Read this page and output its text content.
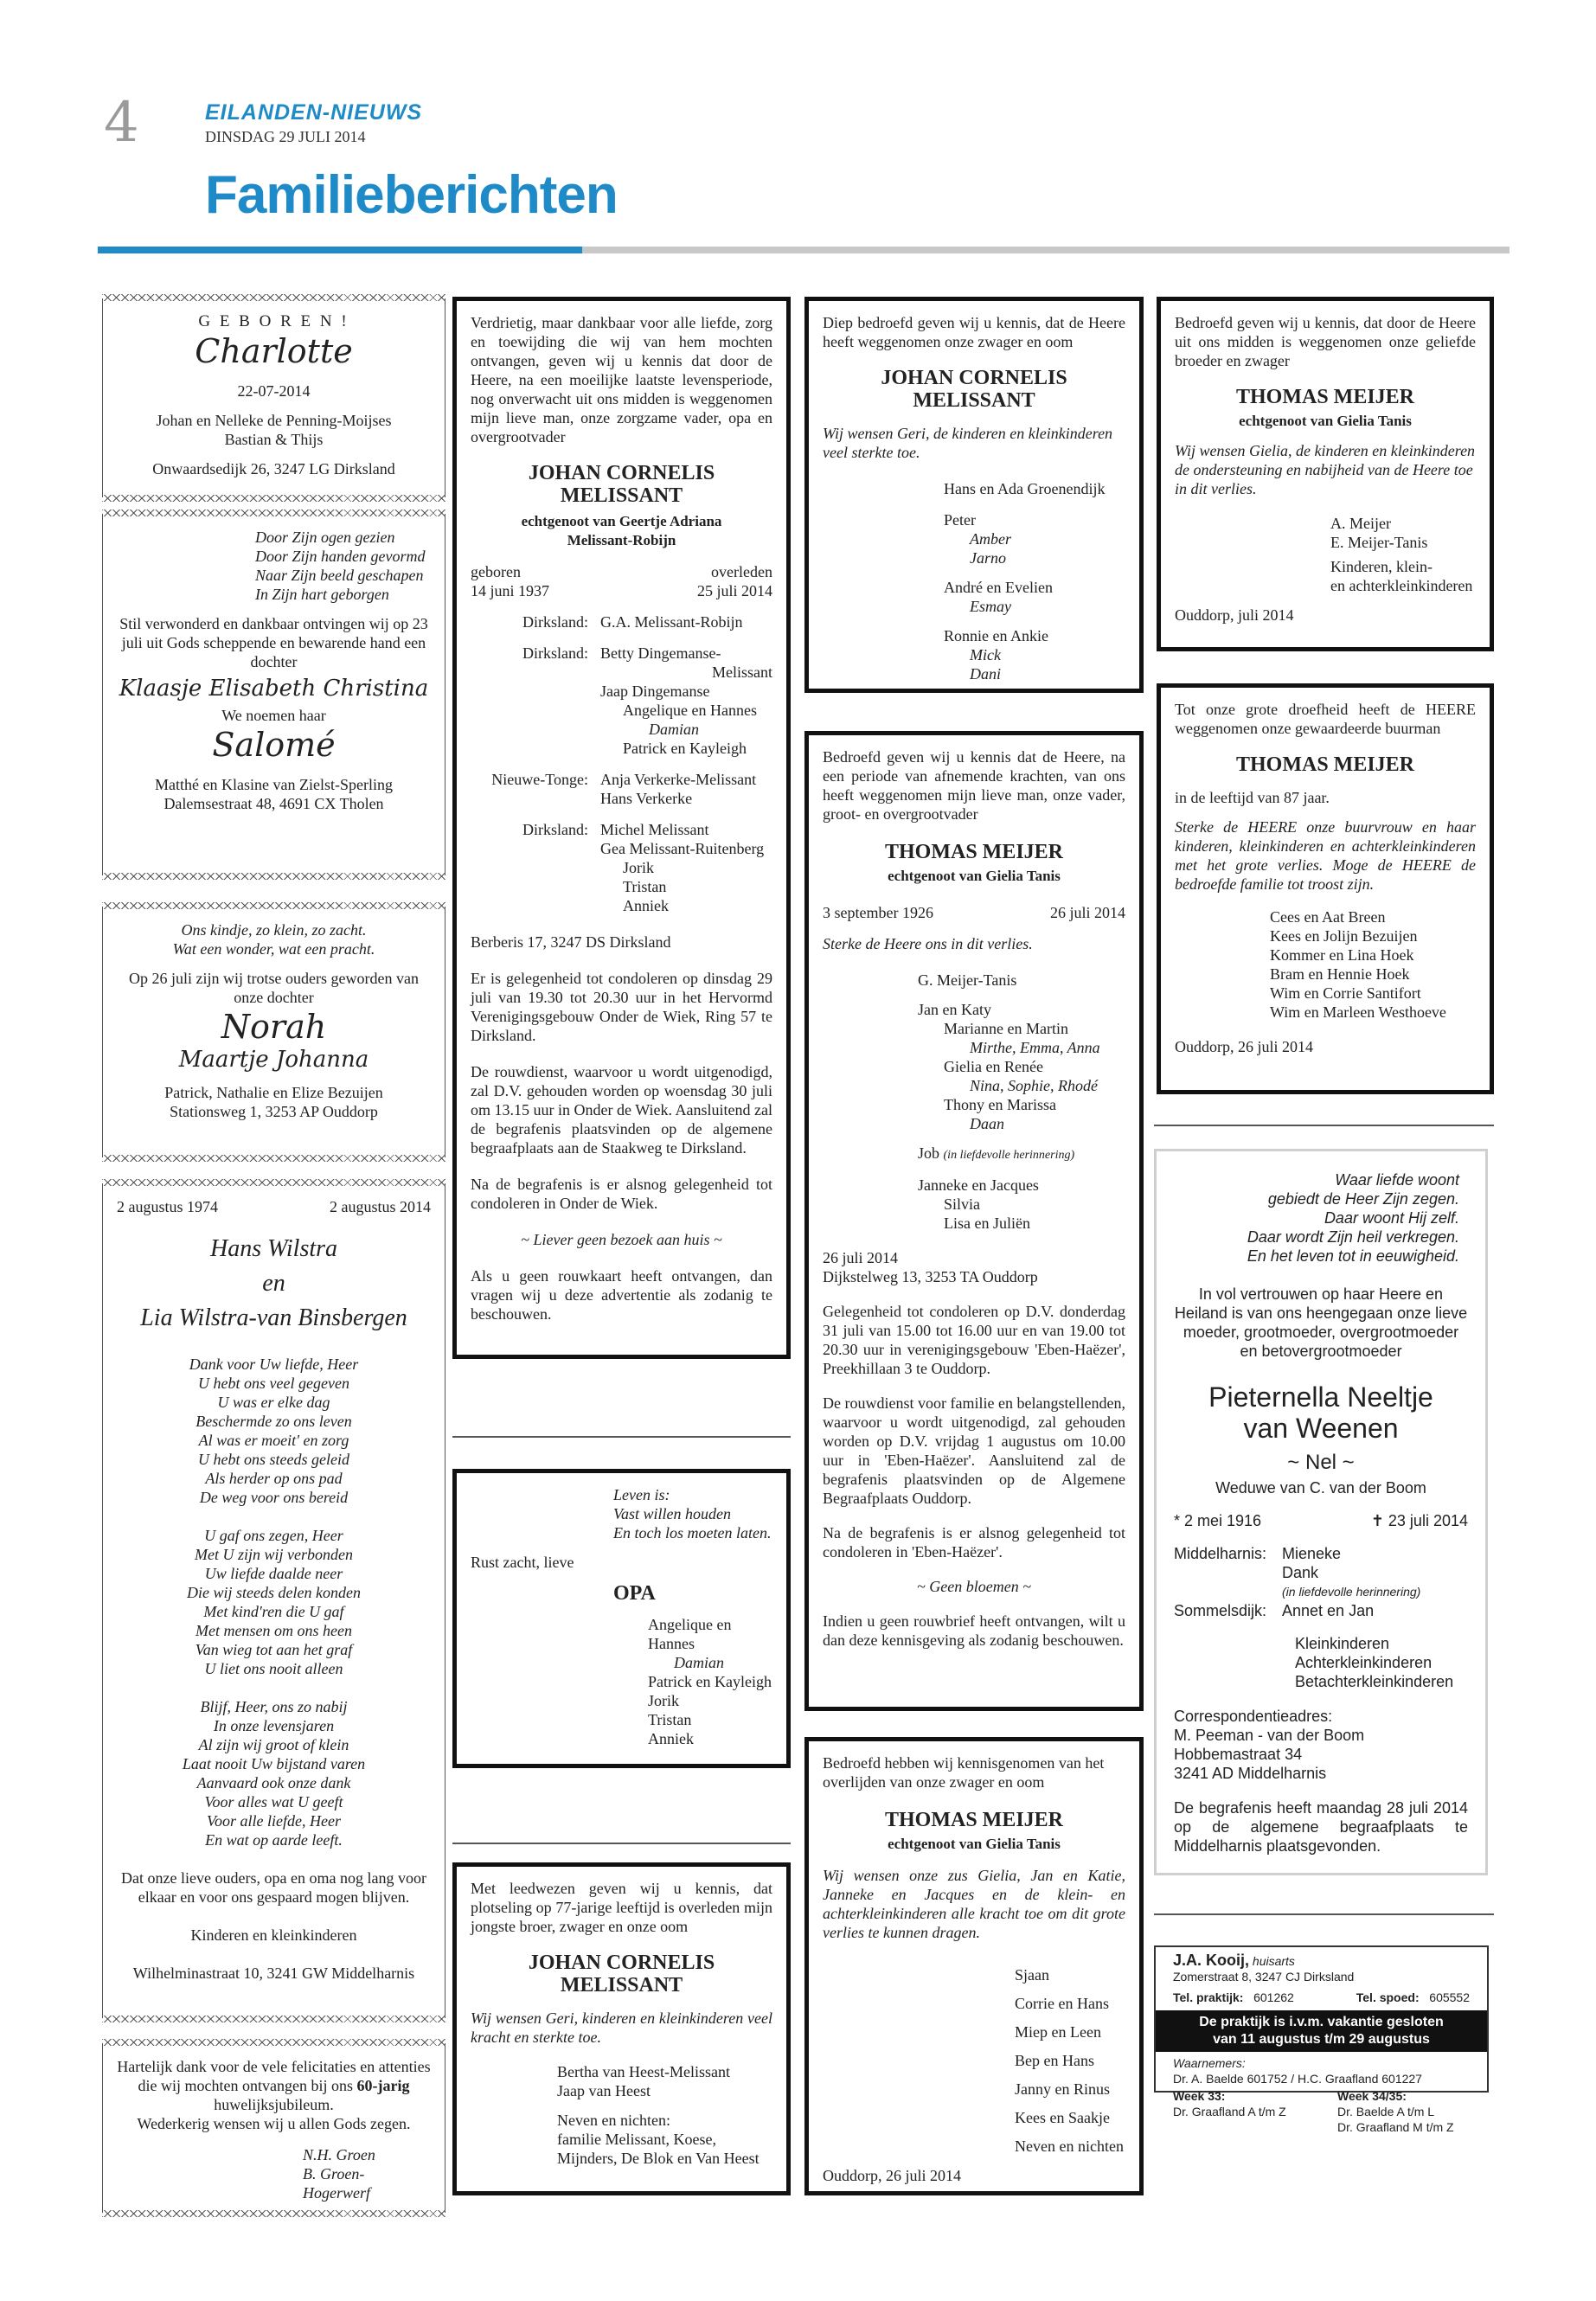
4	EILANDEN-NIEUWS
DINSDAG 29 JULI 2014
Familieberichten
G E B O R E N !
Charlotte
22-07-2014
Johan en Nelleke de Penning-Moijses
Bastian & Thijs
Onwaardsedijk 26, 3247 LG Dirksland
Door Zijn ogen gezien
Door Zijn handen gevormd
Naar Zijn beeld geschapen
In Zijn hart geborgen
Stil verwonderd en dankbaar ontvingen wij op 23 juli uit Gods scheppende en bewarende hand een dochter
Klaasje Elisabeth Christina
We noemen haar
Salomé
Matthé en Klasine van Zielst-Sperling
Dalemsestraat 48, 4691 CX Tholen
Ons kindje, zo klein, zo zacht.
Wat een wonder, wat een pracht.
Op 26 juli zijn wij trotse ouders geworden van onze dochter
Norah
Maartje Johanna
Patrick, Nathalie en Elize Bezuijen
Stationsweg 1, 3253 AP Ouddorp
2 augustus 1974	2 augustus 2014
Hans Wilstra
en
Lia Wilstra-van Binsbergen
Dank voor Uw liefde, Heer
U hebt ons veel gegeven
U was er elke dag
Beschermde zo ons leven
Al was er moeit' en zorg
U hebt ons steeds geleid
Als herder op ons pad
De weg voor ons bereid
U gaf ons zegen, Heer
Met U zijn wij verbonden
Uw liefde daalde neer
Die wij steeds delen konden
Met kind'ren die U gaf
Met mensen om ons heen
Van wieg tot aan het graf
U liet ons nooit alleen
Blijf, Heer, ons zo nabij
In onze levensjaren
Al zijn wij groot of klein
Laat nooit Uw bijstand varen
Aanvaard ook onze dank
Voor alles wat U geeft
Voor alle liefde, Heer
En wat op aarde leeft.
Dat onze lieve ouders, opa en oma nog lang voor elkaar en voor ons gespaard mogen blijven.
Kinderen en kleinkinderen
Wilhelminastraat 10, 3241 GW Middelharnis
Hartelijk dank voor de vele felicitaties en attenties die wij mochten ontvangen bij ons 60-jarig huwelijksjubileum.
Wederkerig wensen wij u allen Gods zegen.
N.H. Groen
B. Groen-Hogerwerf
Verdrietig, maar dankbaar voor alle liefde, zorg en toewijding die wij van hem mochten ontvangen, geven wij u kennis dat door de Heere, na een moeilijke laatste levensperiode, nog onverwacht uit ons midden is weggenomen mijn lieve man, onze zorgzame vader, opa en overgrootvader
JOHAN CORNELIS
MELISSANT
echtgenoot van Geertje Adriana
Melissant-Robijn
geboren
14 juni 1937
overleden
25 juli 2014
Dirksland: G.A. Melissant-Robijn
Dirksland: Betty Dingemanse-
Melissant
Jaap Dingemanse
Angelique en Hannes
Damian
Patrick en Kayleigh
Nieuwe-Tonge: Anja Verkerke-Melissant
Hans Verkerke
Dirksland: Michel Melissant
Gea Melissant-Ruitenberg
Jorik
Tristan
Anniek
Berberis 17, 3247 DS Dirksland
Er is gelegenheid tot condoleren op dinsdag 29 juli van 19.30 tot 20.30 uur in het Hervormd Verenigingsgebouw Onder de Wiek, Ring 57 te Dirksland.
De rouwdienst, waarvoor u wordt uitgenodigd, zal D.V. gehouden worden op woensdag 30 juli om 13.15 uur in Onder de Wiek. Aansluitend zal de begrafenis plaatsvinden op de algemene begraafplaats aan de Staakweg te Dirksland.
Na de begrafenis is er alsnog gelegenheid tot condoleren in Onder de Wiek.
~ Liever geen bezoek aan huis ~
Als u geen rouwkaart heeft ontvangen, dan vragen wij u deze advertentie als zodanig te beschouwen.
Leven is:
Vast willen houden
En toch los moeten laten.
Rust zacht, lieve
OPA
Angelique en Hannes
Damian
Patrick en Kayleigh
Jorik
Tristan
Anniek
Met leedwezen geven wij u kennis, dat plotseling op 77-jarige leeftijd is overleden mijn jongste broer, zwager en onze oom
JOHAN CORNELIS
MELISSANT
Wij wensen Geri, kinderen en kleinkinderen veel kracht en sterkte toe.
Bertha van Heest-Melissant
Jaap van Heest
Neven en nichten:
familie Melissant, Koese,
Mijnders, De Blok en Van Heest
Diep bedroefd geven wij u kennis, dat de Heere heeft weggenomen onze zwager en oom
JOHAN CORNELIS
MELISSANT
Wij wensen Geri, de kinderen en kleinkinderen veel sterkte toe.
Hans en Ada Groenendijk
Peter
Amber
Jarno
André en Evelien
Esmay
Ronnie en Ankie
Mick
Dani
Bedroefd geven wij u kennis dat de Heere, na een periode van afnemende krachten, van ons heeft weggenomen mijn lieve man, onze vader, groot- en overgrootvader
THOMAS MEIJER
echtgenoot van Gielia Tanis
3 september 1926	26 juli 2014
Sterke de Heere ons in dit verlies.
G. Meijer-Tanis
Jan en Katy
Marianne en Martin
Mirthe, Emma, Anna
Gielia en Renée
Nina, Sophie, Rhodé
Thony en Marissa
Daan
Job (in liefdevolle herinnering)
Janneke en Jacques
Silvia
Lisa en Juliën
26 juli 2014
Dijkstelweg 13, 3253 TA Ouddorp
Gelegenheid tot condoleren op D.V. donderdag 31 juli van 15.00 tot 16.00 uur en van 19.00 tot 20.30 uur in verenigingsgebouw 'Eben-Haëzer', Preekhillaan 3 te Ouddorp.
De rouwdienst voor familie en belangstellenden, waarvoor u wordt uitgenodigd, zal gehouden worden op D.V. vrijdag 1 augustus om 10.00 uur in 'Eben-Haëzer'. Aansluitend zal de begrafenis plaatsvinden op de Algemene Begraafplaats Ouddorp.
Na de begrafenis is er alsnog gelegenheid tot condoleren in 'Eben-Haëzer'.
~ Geen bloemen ~
Indien u geen rouwbrief heeft ontvangen, wilt u dan deze kennisgeving als zodanig beschouwen.
Bedroefd hebben wij kennisgenomen van het overlijden van onze zwager en oom
THOMAS MEIJER
echtgenoot van Gielia Tanis
Wij wensen onze zus Gielia, Jan en Katie, Janneke en Jacques en de klein- en achterkleinkinderen alle kracht toe om dit grote verlies te kunnen dragen.
Sjaan
Corrie en Hans
Miep en Leen
Bep en Hans
Janny en Rinus
Kees en Saakje
Neven en nichten
Ouddorp, 26 juli 2014
Bedroefd geven wij u kennis, dat door de Heere uit ons midden is weggenomen onze geliefde broeder en zwager
THOMAS MEIJER
echtgenoot van Gielia Tanis
Wij wensen Gielia, de kinderen en kleinkinderen de ondersteuning en nabijheid van de Heere toe in dit verlies.
A. Meijer
E. Meijer-Tanis
Kinderen, klein-
en achterkleinkinderen
Ouddorp, juli 2014
Tot onze grote droefheid heeft de HEERE weggenomen onze gewaardeerde buurman
THOMAS MEIJER
in de leeftijd van 87 jaar.
Sterke de HEERE onze buurvrouw en haar kinderen, kleinkinderen en achterkleinkinderen met het grote verlies. Moge de HEERE de bedroefde familie tot troost zijn.
Cees en Aat Breen
Kees en Jolijn Bezuijen
Kommer en Lina Hoek
Bram en Hennie Hoek
Wim en Corrie Santifort
Wim en Marleen Westhoeve
Ouddorp, 26 juli 2014
Waar liefde woont
gebiedt de Heer Zijn zegen.
Daar woont Hij zelf.
Daar wordt Zijn heil verkregen.
En het leven tot in eeuwigheid.
In vol vertrouwen op haar Heere en Heiland is van ons heengegaan onze lieve moeder, grootmoeder, overgrootmoeder en betovergrootmoeder
Pieternella Neeltje
van Weenen
~ Nel ~
Weduwe van C. van der Boom
* 2 mei 1916	✝ 23 juli 2014
Middelharnis: Mieneke
Dank
(in liefdevolle herinnering)
Sommelsdijk: Annet en Jan
Kleinkinderen
Achterkleinkinderen
Betachterkleinkinderen
Correspondentieadres:
M. Peeman - van der Boom
Hobbemastraat 34
3241 AD Middelharnis
De begrafenis heeft maandag 28 juli 2014 op de algemene begraafplaats te Middelharnis plaatsgevonden.
J.A. Kooij, huisarts
Zomerstraat 8, 3247 CJ Dirksland
Tel. praktijk: 601262	Tel. spoed: 605552
De praktijk is i.v.m. vakantie gesloten
van 11 augustus t/m 29 augustus
Waarnemers:
Dr. A. Baelde 601752 / H.C. Graafland 601227
Week 33:
Dr. Graafland A t/m Z
Week 34/35:
Dr. Baelde A t/m L
Dr. Graafland M t/m Z
